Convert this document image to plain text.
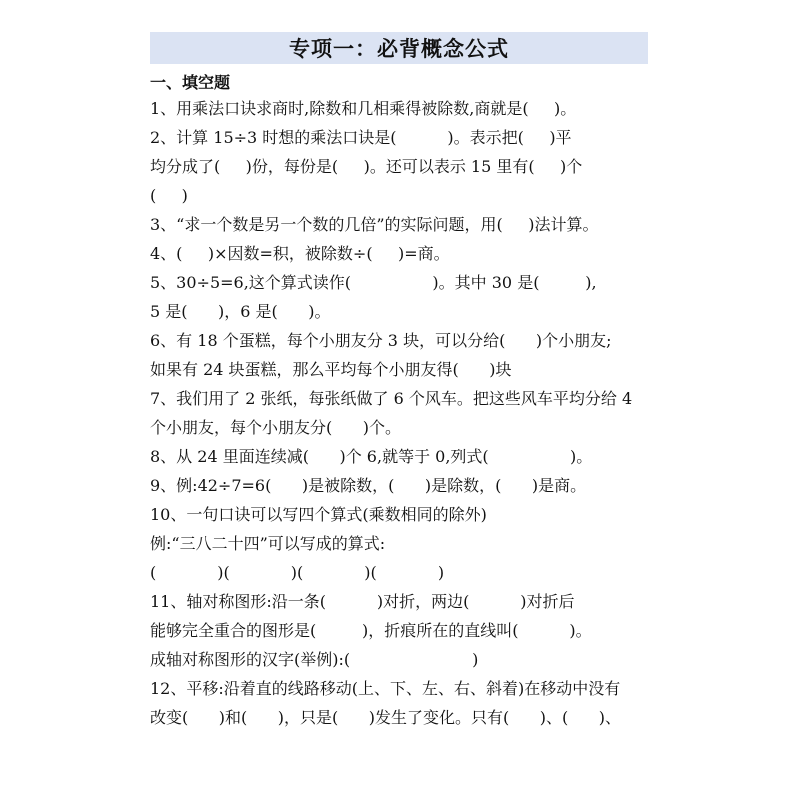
专项一：必背概念公式
一、填空题
1、用乘法口诀求商时,除数和几相乘得被除数,商就是(     )。
2、计算 15÷3 时想的乘法口诀是(          )。表示把(     )平
均分成了(     )份，每份是(     )。还可以表示 15 里有(     )个
(     )
3、“求一个数是另一个数的几倍”的实际问题，用(     )法计算。
4、(     )×因数=积，被除数÷(     )=商。
5、30÷5=6,这个算式读作(                )。其中 30 是(         ),
5 是(      )，6 是(      )。
6、有 18 个蛋糕，每个小朋友分 3 块，可以分给(      )个小朋友;
如果有 24 块蛋糕，那么平均每个小朋友得(      )块
7、我们用了 2 张纸，每张纸做了 6 个风车。把这些风车平均分给 4
个小朋友，每个小朋友分(      )个。
8、从 24 里面连续减(      )个 6,就等于 0,列式(                )。
9、例:42÷7=6(      )是被除数，(      )是除数，(      )是商。
10、一句口诀可以写四个算式(乘数相同的除外)
例:“三八二十四”可以写成的算式:
(            )(            )(            )(            )
11、轴对称图形:沿一条(          )对折，两边(          )对折后
能够完全重合的图形是(         )，折痕所在的直线叫(          )。
成轴对称图形的汉字(举例):(                        )
12、平移:沿着直的线路移动(上、下、左、右、斜着)在移动中没有
改变(      )和(      )，只是(      )发生了变化。只有(      )、(      )、
